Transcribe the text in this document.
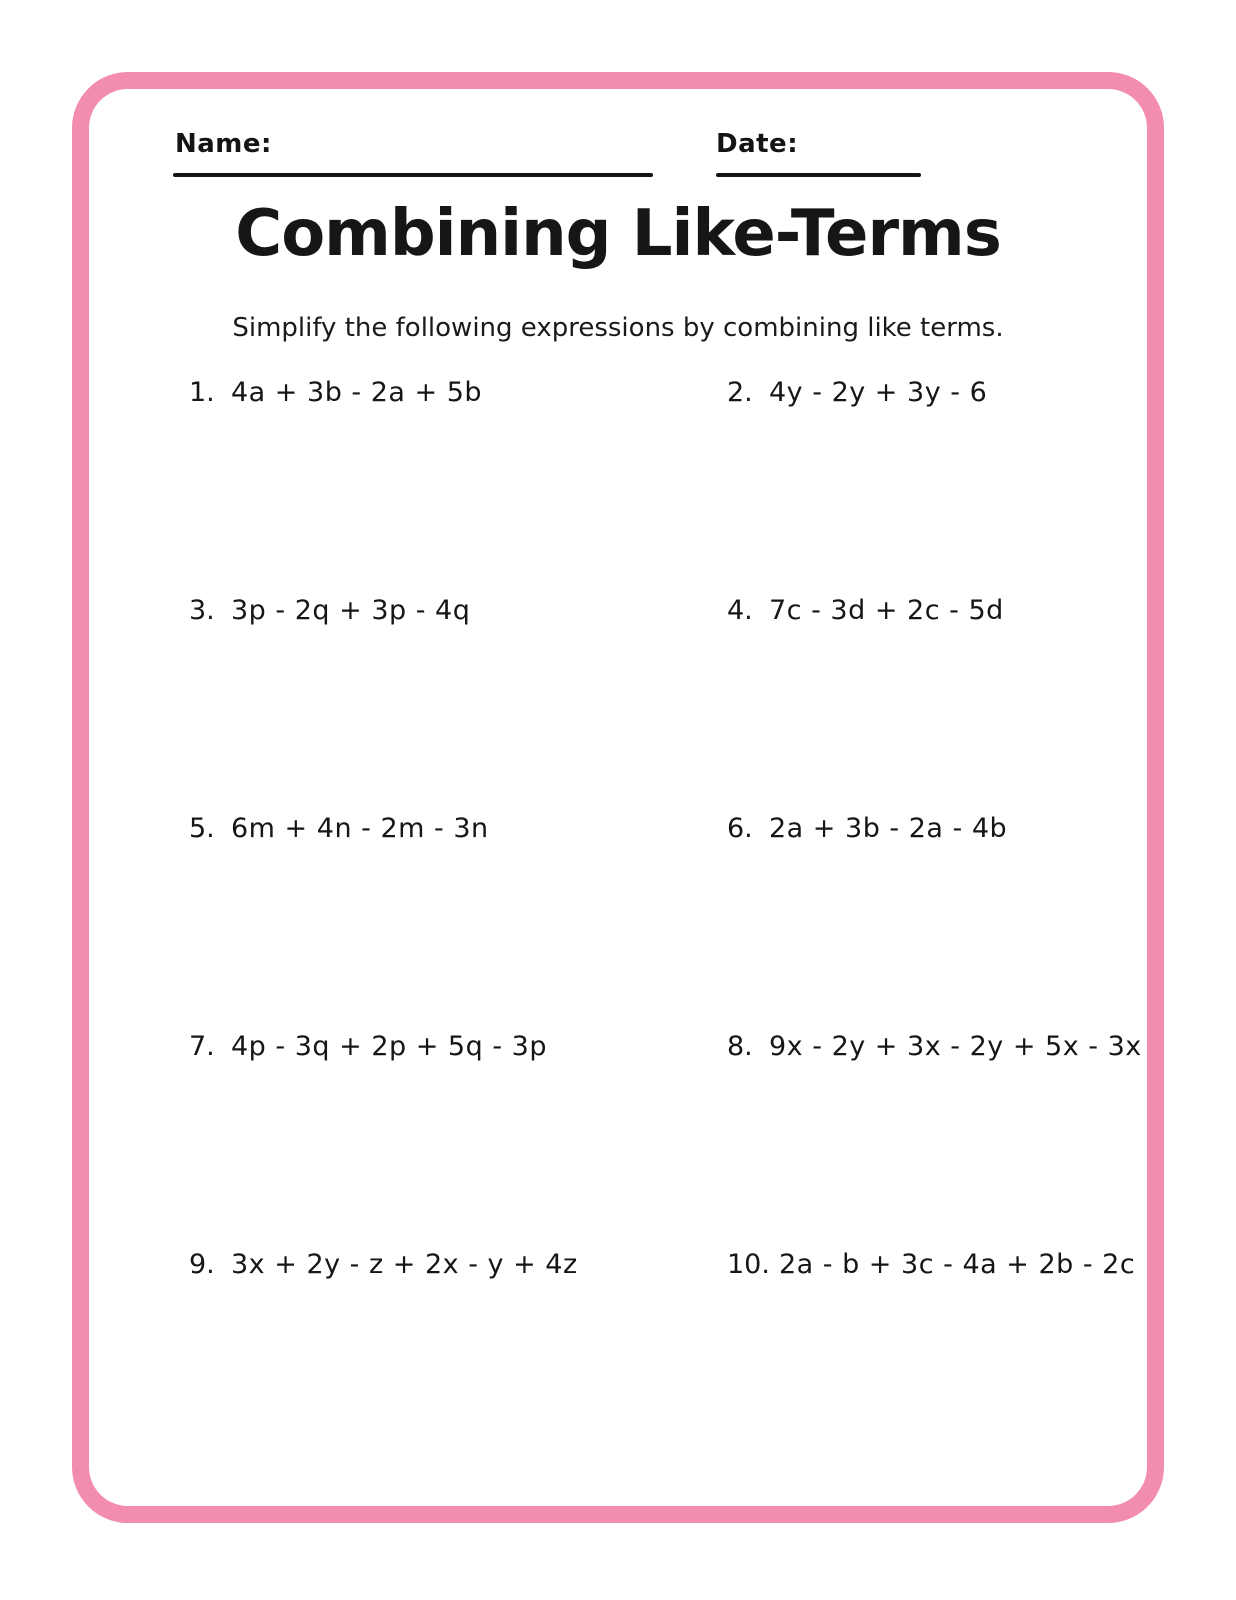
Name:	Date:
Combining Like-Terms

Simplify the following expressions by combining like terms.

1. 4a + 3b - 2a + 5b	2. 4y - 2y + 3y - 6
3. 3p - 2q + 3p - 4q	4. 7c - 3d + 2c - 5d
5. 6m + 4n - 2m - 3n	6. 2a + 3b - 2a - 4b
7. 4p - 3q + 2p + 5q - 3p	8. 9x - 2y + 3x - 2y + 5x - 3x
9. 3x + 2y - z + 2x - y + 4z	10. 2a - b + 3c - 4a + 2b - 2c
